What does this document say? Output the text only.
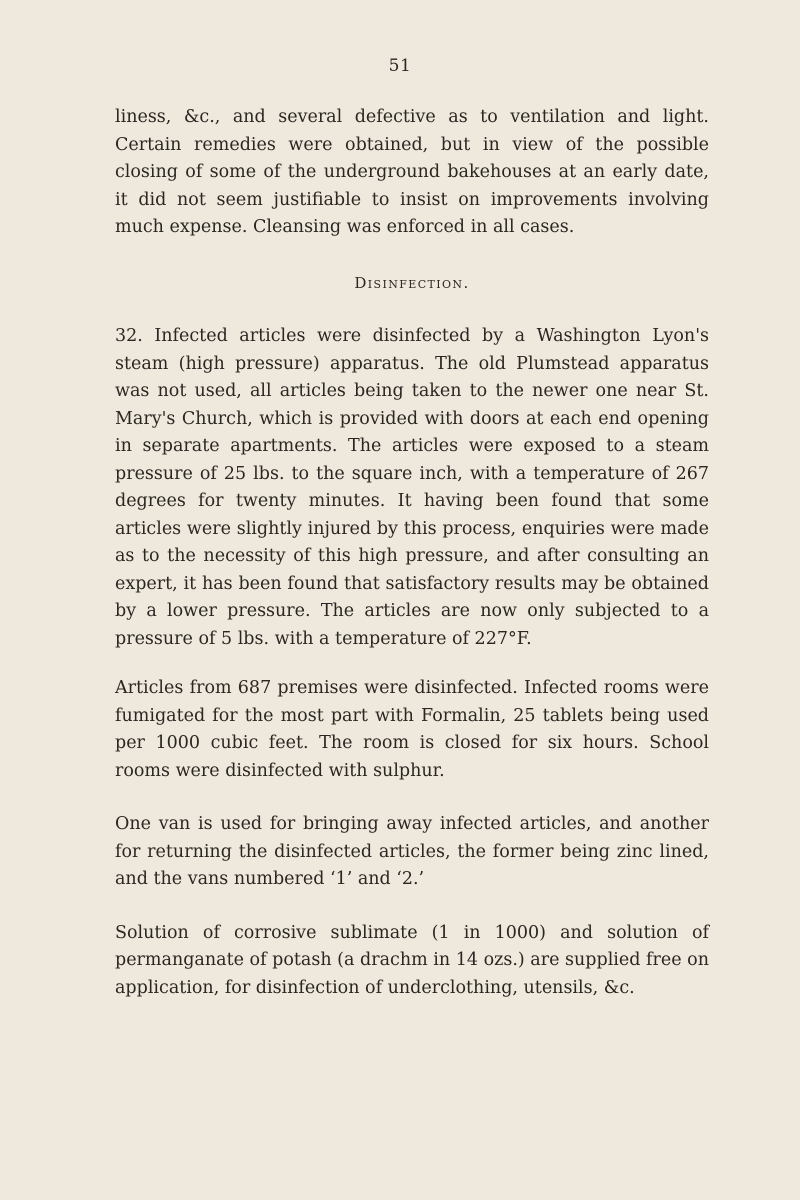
51

liness, &c., and several defective as to ventilation and light. Certain remedies were obtained, but in view of the possible closing of some of the underground bakehouses at an early date, it did not seem justifiable to insist on improvements involving much expense. Cleansing was enforced in all cases.

Disinfection.

32. Infected articles were disinfected by a Washington Lyon's steam (high pressure) apparatus. The old Plumstead apparatus was not used, all articles being taken to the newer one near St. Mary's Church, which is provided with doors at each end opening in separate apartments. The articles were exposed to a steam pressure of 25 lbs. to the square inch, with a temperature of 267 degrees for twenty minutes. It having been found that some articles were slightly injured by this process, enquiries were made as to the necessity of this high pressure, and after consulting an expert, it has been found that satisfactory results may be obtained by a lower pressure. The articles are now only subjected to a pressure of 5 lbs. with a temperature of 227°F.

Articles from 687 premises were disinfected. Infected rooms were fumigated for the most part with Formalin, 25 tablets being used per 1000 cubic feet. The room is closed for six hours. School rooms were disinfected with sulphur.

One van is used for bringing away infected articles, and another for returning the disinfected articles, the former being zinc lined, and the vans numbered ‘1’ and ‘2.’

Solution of corrosive sublimate (1 in 1000) and solution of permanganate of potash (a drachm in 14 ozs.) are supplied free on application, for disinfection of underclothing, utensils, &c.
